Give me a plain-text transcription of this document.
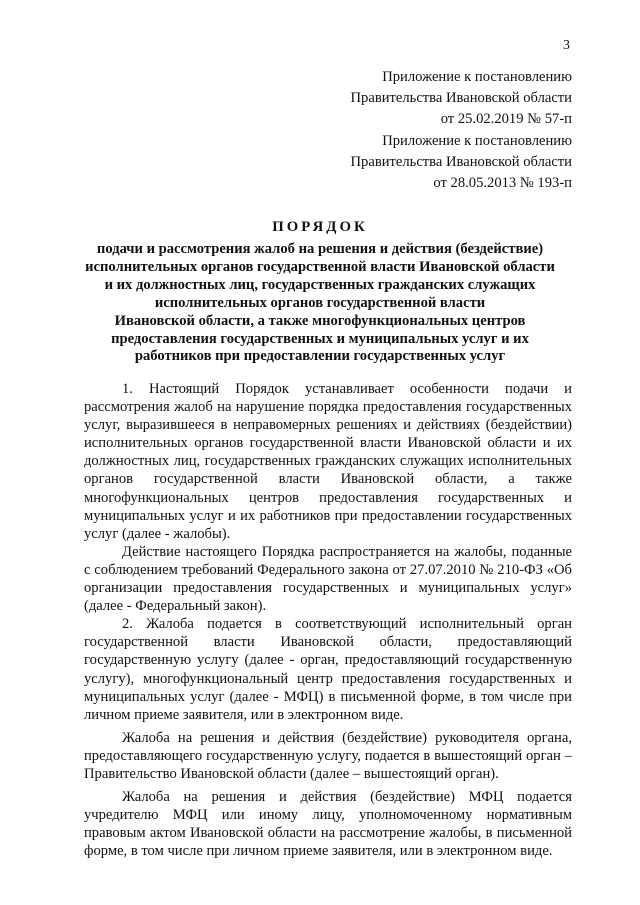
3
Приложение к постановлению
Правительства Ивановской области
от 25.02.2019 № 57-п
Приложение к постановлению
Правительства Ивановской области
от 28.05.2013 № 193-п
ПОРЯДОК
подачи и рассмотрения жалоб на решения и действия (бездействие)
исполнительных органов государственной власти Ивановской области
и их должностных лиц, государственных гражданских служащих
исполнительных органов государственной власти
Ивановской области, а также многофункциональных центров
предоставления государственных и муниципальных услуг и их
работников при предоставлении государственных услуг

1. Настоящий Порядок устанавливает особенности подачи и рассмотрения жалоб на нарушение порядка предоставления государственных услуг, выразившееся в неправомерных решениях и действиях (бездействии) исполнительных органов государственной власти Ивановской области и их должностных лиц, государственных гражданских служащих исполнительных органов государственной власти Ивановской области, а также многофункциональных центров предоставления государственных и муниципальных услуг и их работников при предоставлении государственных услуг (далее - жалобы).

Действие настоящего Порядка распространяется на жалобы, поданные с соблюдением требований Федерального закона от 27.07.2010 № 210-ФЗ «Об организации предоставления государственных и муниципальных услуг» (далее - Федеральный закон).

2. Жалоба подается в соответствующий исполнительный орган государственной власти Ивановской области, предоставляющий государственную услугу (далее - орган, предоставляющий государственную услугу), многофункциональный центр предоставления государственных и муниципальных услуг (далее - МФЦ) в письменной форме, в том числе при личном приеме заявителя, или в электронном виде.

Жалоба на решения и действия (бездействие) руководителя органа, предоставляющего государственную услугу, подается в вышестоящий орган – Правительство Ивановской области (далее – вышестоящий орган).

Жалоба на решения и действия (бездействие) МФЦ подается учредителю МФЦ или иному лицу, уполномоченному нормативным правовым актом Ивановской области на рассмотрение жалобы, в письменной форме, в том числе при личном приеме заявителя, или в электронном виде.
